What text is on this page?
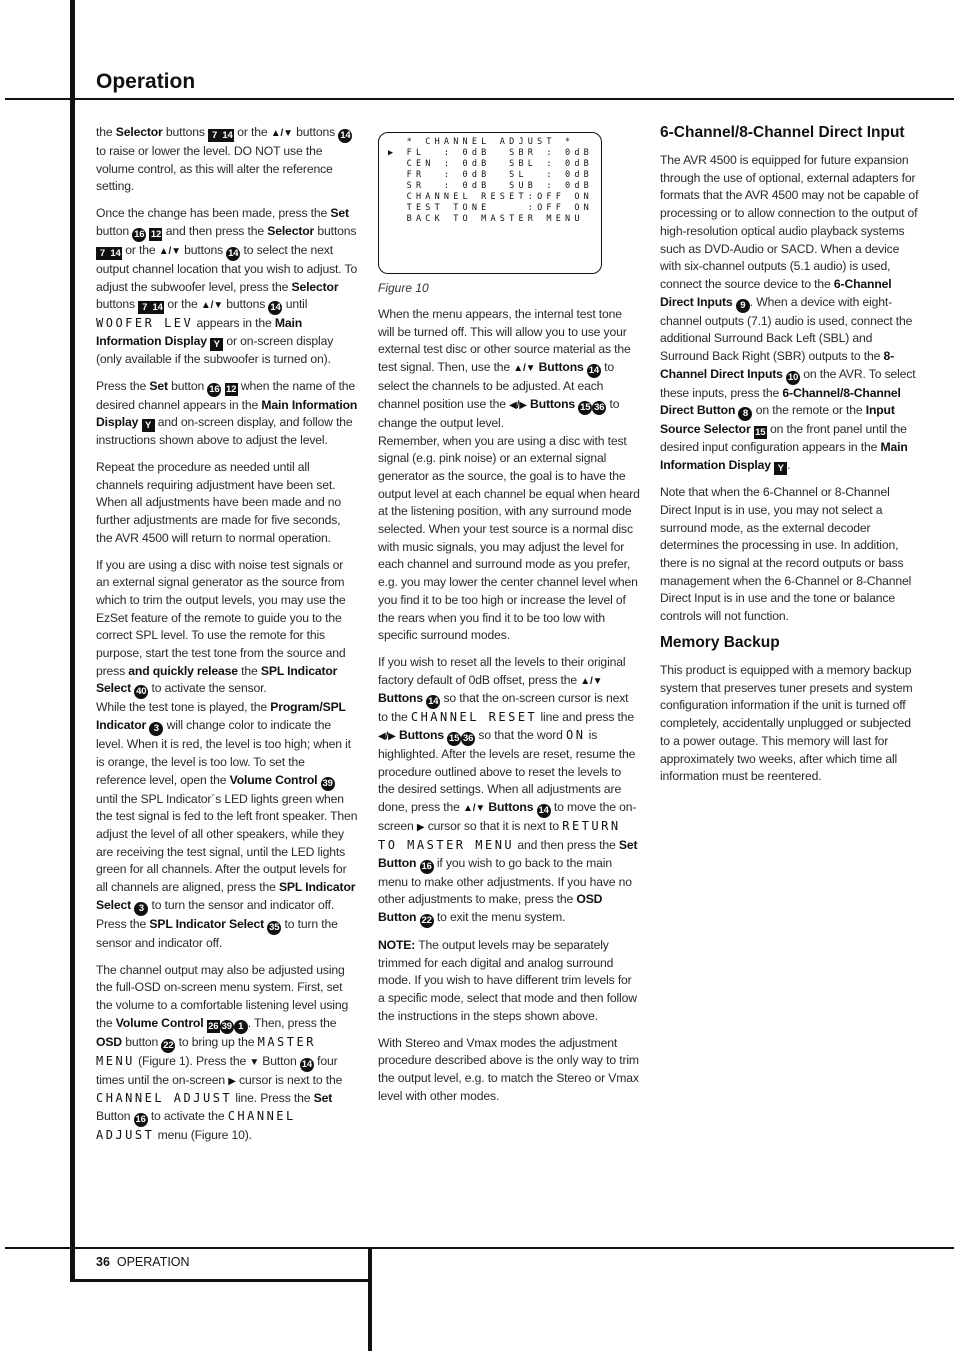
Operation

the Selector buttons 7 14 or the ▲/▼ buttons 14 to raise or lower the level. DO NOT use the volume control, as this will alter the reference setting.

Once the change has been made, press the Set button 16 12 and then press the Selector buttons 7 14 or the ▲/▼ buttons 14 to select the next output channel location that you wish to adjust. To adjust the subwoofer level, press the Selector buttons 7 14 or the ▲/▼ buttons 14 until WOOFER LEV appears in the Main Information Display Y or on-screen display (only available if the subwoofer is turned on).

Press the Set button 16 12 when the name of the desired channel appears in the Main Information Display Y and on-screen display, and follow the instructions shown above to adjust the level.

Repeat the procedure as needed until all channels requiring adjustment have been set. When all adjustments have been made and no further adjustments are made for five seconds, the AVR 4500 will return to normal operation.

If you are using a disc with noise test signals or an external signal generator as the source from which to trim the output levels, you may use the EzSet feature of the remote to guide you to the correct SPL level. To use the remote for this purpose, start the test tone from the source and press and quickly release the SPL Indicator Select 40 to activate the sensor.

While the test tone is played, the Program/SPL Indicator 3 will change color to indicate the level. When it is red, the level is too high; when it is orange, the level is too low. To set the reference level, open the Volume Control 39 until the SPL Indicator´s LED lights green when the test signal is fed to the left front speaker. Then adjust the level of all other speakers, while they are receiving the test signal, until the LED lights green for all channels. After the output levels for all channels are aligned, press the SPL Indicator Select 3 to turn the sensor and indicator off. Press the SPL Indicator Select 35 to turn the sensor and indicator off.

The channel output may also be adjusted using the full-OSD on-screen menu system. First, set the volume to a comfortable listening level using the Volume Control 26 39 1 . Then, press the OSD button 22 to bring up the MASTER MENU (Figure 1). Press the ▼ Button 14 four times until the on-screen ▶ cursor is next to the CHANNEL ADJUST line. Press the Set Button 16 to activate the CHANNEL ADJUST menu (Figure 10).

* CHANNEL ADJUST *
▶ FL  : 0dB  SBR : 0dB
CEN : 0dB  SBL : 0dB
FR  : 0dB  SL  : 0dB
SR  : 0dB  SUB : 0dB
CHANNEL RESET:OFF ON
TEST TONE    :OFF ON
BACK TO MASTER MENU
Figure 10

When the menu appears, the internal test tone will be turned off. This will allow you to use your external test disc or other source material as the test signal. Then, use the ▲/▼ Buttons 14 to select the channels to be adjusted. At each channel position use the ◀/▶ Buttons 15 36 to change the output level.

Remember, when you are using a disc with test signal (e.g. pink noise) or an external signal generator as the source, the goal is to have the output level at each channel be equal when heard at the listening position, with any surround mode selected. When your test source is a normal disc with music signals, you may adjust the level for each channel and surround mode as you prefer, e.g. you may lower the center channel level when you find it to be too high or increase the level of the rears when you find it to be too low with specific surround modes.

If you wish to reset all the levels to their original factory default of 0dB offset, press the ▲/▼ Buttons 14 so that the on-screen cursor is next to the CHANNEL RESET line and press the ◀/▶ Buttons 15 36 so that the word ON is highlighted. After the levels are reset, resume the procedure outlined above to reset the levels to the desired settings. When all adjustments are done, press the ▲/▼ Buttons 14 to move the on-screen ▶ cursor so that it is next to RETURN TO MASTER MENU and then press the Set Button 16 if you wish to go back to the main menu to make other adjustments. If you have no other adjustments to make, press the OSD Button 22 to exit the menu system.

NOTE: The output levels may be separately trimmed for each digital and analog surround mode. If you wish to have different trim levels for a specific mode, select that mode and then follow the instructions in the steps shown above.

With Stereo and Vmax modes the adjustment procedure described above is the only way to trim the output level, e.g. to match the Stereo or Vmax level with other modes.

6-Channel/8-Channel Direct Input

The AVR 4500 is equipped for future expansion through the use of optional, external adapters for formats that the AVR 4500 may not be capable of processing or to allow connection to the output of high-resolution optical audio playback systems such as DVD-Audio or SACD. When a device with six-channel outputs (5.1 audio) is used, connect the source device to the 6-Channel Direct Inputs 9 . When a device with eight-channel outputs (7.1) audio is used, connect the additional Surround Back Left (SBL) and Surround Back Right (SBR) outputs to the 8-Channel Direct Inputs 10 on the AVR. To select these inputs, press the 6-Channel/8-Channel Direct Button 8 on the remote or the Input Source Selector 15 on the front panel until the desired input configuration appears in the Main Information Display Y .

Note that when the 6-Channel or 8-Channel Direct Input is in use, you may not select a surround mode, as the external decoder determines the processing in use. In addition, there is no signal at the record outputs or bass management when the 6-Channel or 8-Channel Direct Input is in use and the tone or balance controls will not function.

Memory Backup

This product is equipped with a memory backup system that preserves tuner presets and system configuration information if the unit is turned off completely, accidentally unplugged or subjected to a power outage. This memory will last for approximately two weeks, after which time all information must be reentered.

36 OPERATION
